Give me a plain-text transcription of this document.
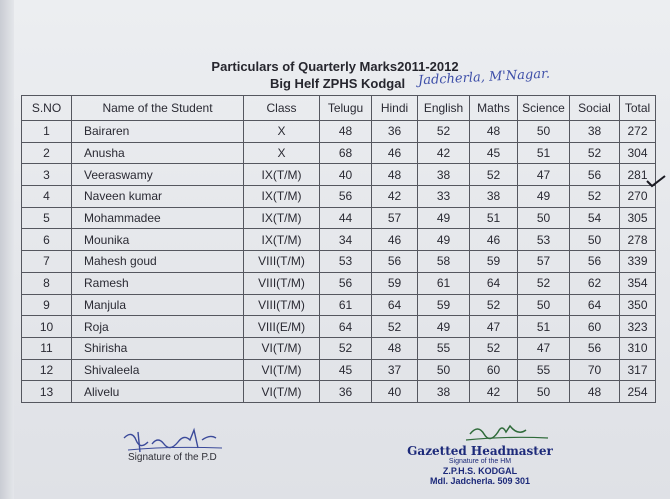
Particulars of Quarterly Marks2011-2012
Big Helf ZPHS Kodgal Jadcherla, M'Nagar.
S.NO	Name of the Student	Class	Telugu	Hindi	English	Maths	Science	Social	Total
1	Bairaren	X	48	36	52	48	50	38	272
2	Anusha	X	68	46	42	45	51	52	304
3	Veeraswamy	IX(T/M)	40	48	38	52	47	56	281
4	Naveen kumar	IX(T/M)	56	42	33	38	49	52	270
5	Mohammadee	IX(T/M)	44	57	49	51	50	54	305
6	Mounika	IX(T/M)	34	46	49	46	53	50	278
7	Mahesh goud	VIII(T/M)	53	56	58	59	57	56	339
8	Ramesh	VIII(T/M)	56	59	61	64	52	62	354
9	Manjula	VIII(T/M)	61	64	59	52	50	64	350
10	Roja	VIII(E/M)	64	52	49	47	51	60	323
11	Shirisha	VI(T/M)	52	48	55	52	47	56	310
12	Shivaleela	VI(T/M)	45	37	50	60	55	70	317
13	Alivelu	VI(T/M)	36	40	38	42	50	48	254
Signature of the P.D	Gazetted Headmaster
Signature of the HM
Z.P.H.S. KODGAL
Mdl. Jadcherla. 509 301
